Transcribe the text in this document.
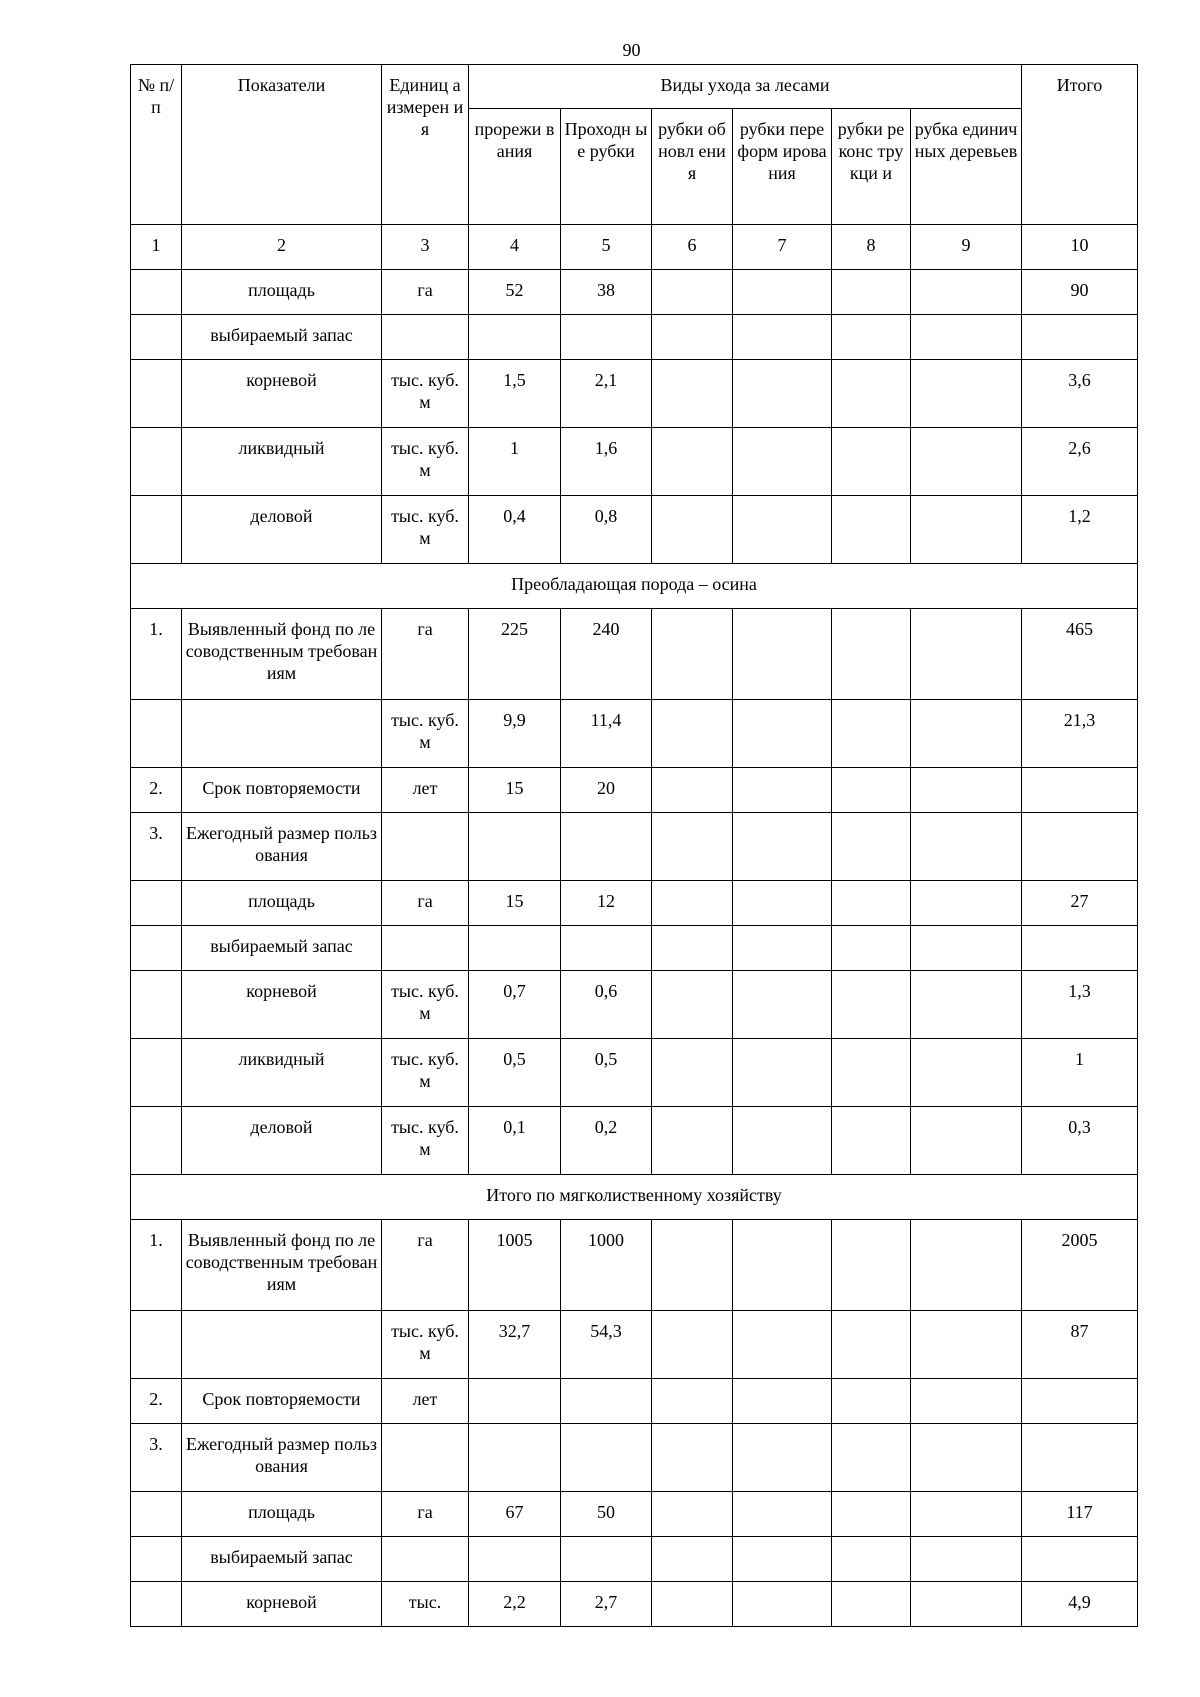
90
№ п/п	Показатели	Единиц а измерен ия	Виды ухода за лесами						Итого
			прорежи вания	Проходн ые рубки	рубки обновл ения	рубки переформ ирования	рубки реконс трукци и	рубка единичных деревьев	
1	2	3	4	5	6	7	8	9	10
	площадь	га	52	38					90
	выбираемый запас								
	корневой	тыс. куб. м	1,5	2,1					3,6
	ликвидный	тыс. куб. м	1	1,6					2,6
	деловой	тыс. куб. м	0,4	0,8					1,2
Преобладающая порода – осина									
1.	Выявленный фонд по лесоводственным требованиям	га	225	240					465
		тыс. куб. м	9,9	11,4					21,3
2.	Срок повторяемости	лет	15	20					
3.	Ежегодный размер пользования								
	площадь	га	15	12					27
	выбираемый запас								
	корневой	тыс. куб. м	0,7	0,6					1,3
	ликвидный	тыс. куб. м	0,5	0,5					1
	деловой	тыс. куб. м	0,1	0,2					0,3
Итого по мягколиственному хозяйству									
1.	Выявленный фонд по лесоводственным требованиям	га	1005	1000					2005
		тыс. куб. м	32,7	54,3					87
2.	Срок повторяемости	лет							
3.	Ежегодный размер пользования								
	площадь	га	67	50					117
	выбираемый запас								
	корневой	тыс.	2,2	2,7					4,9
